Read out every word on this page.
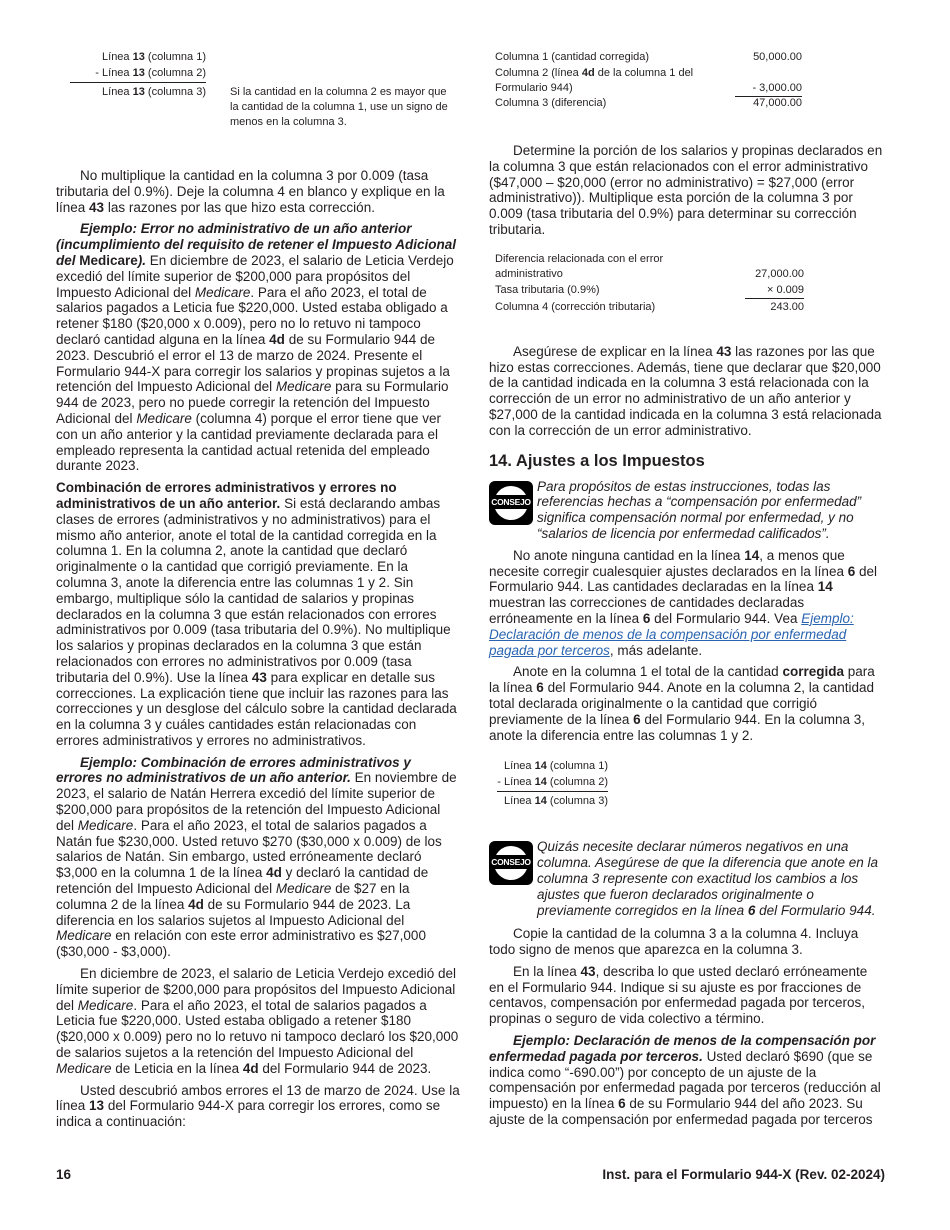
Línea 13 (columna 1)
- Línea 13 (columna 2)
Línea 13 (columna 3) Si la cantidad en la columna 2 es mayor que la cantidad de la columna 1, use un signo de menos en la columna 3.

No multiplique la cantidad en la columna 3 por 0.009 (tasa tributaria del 0.9%). Deje la columna 4 en blanco y explique en la línea 43 las razones por las que hizo esta corrección.

Ejemplo: Error no administrativo de un año anterior (incumplimiento del requisito de retener el Impuesto Adicional del Medicare). En diciembre de 2023, el salario de Leticia Verdejo excedió del límite superior de $200,000 para propósitos del Impuesto Adicional del Medicare. Para el año 2023, el total de salarios pagados a Leticia fue $220,000. Usted estaba obligado a retener $180 ($20,000 x 0.009), pero no lo retuvo ni tampoco declaró cantidad alguna en la línea 4d de su Formulario 944 de 2023. Descubrió el error el 13 de marzo de 2024. Presente el Formulario 944-X para corregir los salarios y propinas sujetos a la retención del Impuesto Adicional del Medicare para su Formulario 944 de 2023, pero no puede corregir la retención del Impuesto Adicional del Medicare (columna 4) porque el error tiene que ver con un año anterior y la cantidad previamente declarada para el empleado representa la cantidad actual retenida del empleado durante 2023.

Combinación de errores administrativos y errores no administrativos de un año anterior. Si está declarando ambas clases de errores (administrativos y no administrativos) para el mismo año anterior, anote el total de la cantidad corregida en la columna 1. En la columna 2, anote la cantidad que declaró originalmente o la cantidad que corrigió previamente. En la columna 3, anote la diferencia entre las columnas 1 y 2. Sin embargo, multiplique sólo la cantidad de salarios y propinas declarados en la columna 3 que están relacionados con errores administrativos por 0.009 (tasa tributaria del 0.9%). No multiplique los salarios y propinas declarados en la columna 3 que están relacionados con errores no administrativos por 0.009 (tasa tributaria del 0.9%). Use la línea 43 para explicar en detalle sus correcciones. La explicación tiene que incluir las razones para las correcciones y un desglose del cálculo sobre la cantidad declarada en la columna 3 y cuáles cantidades están relacionadas con errores administrativos y errores no administrativos.

Ejemplo: Combinación de errores administrativos y errores no administrativos de un año anterior. En noviembre de 2023, el salario de Natán Herrera excedió del límite superior de $200,000 para propósitos de la retención del Impuesto Adicional del Medicare. Para el año 2023, el total de salarios pagados a Natán fue $230,000. Usted retuvo $270 ($30,000 x 0.009) de los salarios de Natán. Sin embargo, usted erróneamente declaró $3,000 en la columna 1 de la línea 4d y declaró la cantidad de retención del Impuesto Adicional del Medicare de $27 en la columna 2 de la línea 4d de su Formulario 944 de 2023. La diferencia en los salarios sujetos al Impuesto Adicional del Medicare en relación con este error administrativo es $27,000 ($30,000 - $3,000).

En diciembre de 2023, el salario de Leticia Verdejo excedió del límite superior de $200,000 para propósitos del Impuesto Adicional del Medicare. Para el año 2023, el total de salarios pagados a Leticia fue $220,000. Usted estaba obligado a retener $180 ($20,000 x 0.009) pero no lo retuvo ni tampoco declaró los $20,000 de salarios sujetos a la retención del Impuesto Adicional del Medicare de Leticia en la línea 4d del Formulario 944 de 2023.

Usted descubrió ambos errores el 13 de marzo de 2024. Use la línea 13 del Formulario 944-X para corregir los errores, como se indica a continuación:

Columna 1 (cantidad corregida)	50,000.00
Columna 2 (línea 4d de la columna 1 del Formulario 944)	- 3,000.00
Columna 3 (diferencia)	47,000.00

Determine la porción de los salarios y propinas declarados en la columna 3 que están relacionados con el error administrativo ($47,000 – $20,000 (error no administrativo) = $27,000 (error administrativo)). Multiplique esta porción de la columna 3 por 0.009 (tasa tributaria del 0.9%) para determinar su corrección tributaria.

Diferencia relacionada con el error administrativo	27,000.00
Tasa tributaria (0.9%)	× 0.009
Columna 4 (corrección tributaria)	243.00

Asegúrese de explicar en la línea 43 las razones por las que hizo estas correcciones. Además, tiene que declarar que $20,000 de la cantidad indicada en la columna 3 está relacionada con la corrección de un error no administrativo de un año anterior y $27,000 de la cantidad indicada en la columna 3 está relacionada con la corrección de un error administrativo.

14. Ajustes a los Impuestos
CONSEJO

Para propósitos de estas instrucciones, todas las referencias hechas a “compensación por enfermedad” significa compensación normal por enfermedad, y no “salarios de licencia por enfermedad calificados”.

No anote ninguna cantidad en la línea 14, a menos que necesite corregir cualesquier ajustes declarados en la línea 6 del Formulario 944. Las cantidades declaradas en la línea 14 muestran las correcciones de cantidades declaradas erróneamente en la línea 6 del Formulario 944. Vea Ejemplo: Declaración de menos de la compensación por enfermedad pagada por terceros, más adelante.

Anote en la columna 1 el total de la cantidad corregida para la línea 6 del Formulario 944. Anote en la columna 2, la cantidad total declarada originalmente o la cantidad que corrigió previamente de la línea 6 del Formulario 944. En la columna 3, anote la diferencia entre las columnas 1 y 2.

Línea 14 (columna 1)
- Línea 14 (columna 2)
Línea 14 (columna 3)
CONSEJO

Quizás necesite declarar números negativos en una columna. Asegúrese de que la diferencia que anote en la columna 3 represente con exactitud los cambios a los ajustes que fueron declarados originalmente o previamente corregidos en la línea 6 del Formulario 944.

Copie la cantidad de la columna 3 a la columna 4. Incluya todo signo de menos que aparezca en la columna 3.

En la línea 43, describa lo que usted declaró erróneamente en el Formulario 944. Indique si su ajuste es por fracciones de centavos, compensación por enfermedad pagada por terceros, propinas o seguro de vida colectivo a término.

Ejemplo: Declaración de menos de la compensación por enfermedad pagada por terceros. Usted declaró $690 (que se indica como “-690.00”) por concepto de un ajuste de la compensación por enfermedad pagada por terceros (reducción al impuesto) en la línea 6 de su Formulario 944 del año 2023. Su ajuste de la compensación por enfermedad pagada por terceros

16	Inst. para el Formulario 944-X (Rev. 02-2024)
